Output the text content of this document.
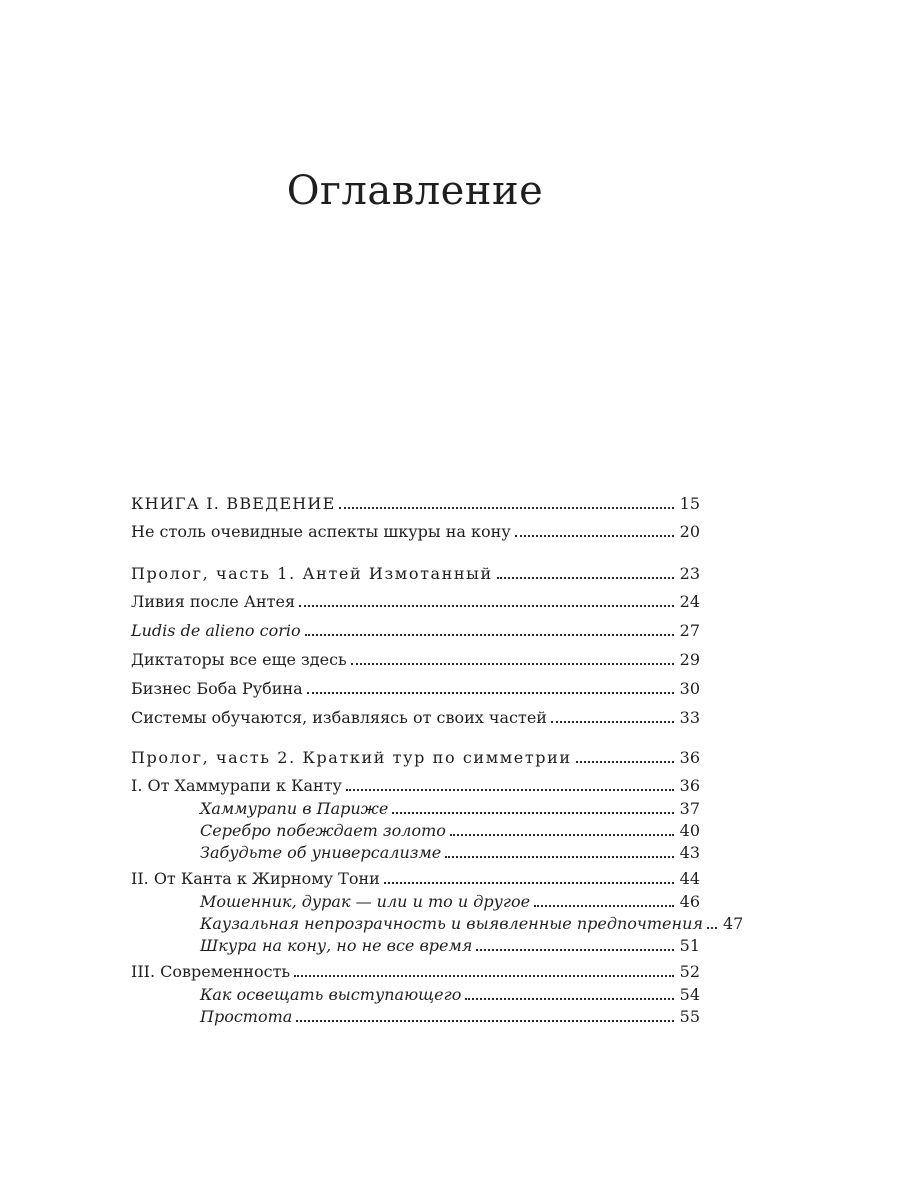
Оглавление
КНИГА I. ВВЕДЕНИЕ	15
Не столь очевидные аспекты шкуры на кону	20
Пролог, часть 1. Антей Измотанный	23
Ливия после Антея	24
Ludis de alieno corio	27
Диктаторы все еще здесь	29
Бизнес Боба Рубина	30
Системы обучаются, избавляясь от своих частей	33
Пролог, часть 2. Краткий тур по симметрии	36
I. От Хаммурапи к Канту	36
Хаммурапи в Париже	37
Серебро побеждает золото	40
Забудьте об универсализме	43
II. От Канта к Жирному Тони	44
Мошенник, дурак — или и то и другое	46
Каузальная непрозрачность и выявленные предпочтения	47
Шкура на кону, но не все время	51
III. Современность	52
Как освещать выступающего	54
Простота	55
